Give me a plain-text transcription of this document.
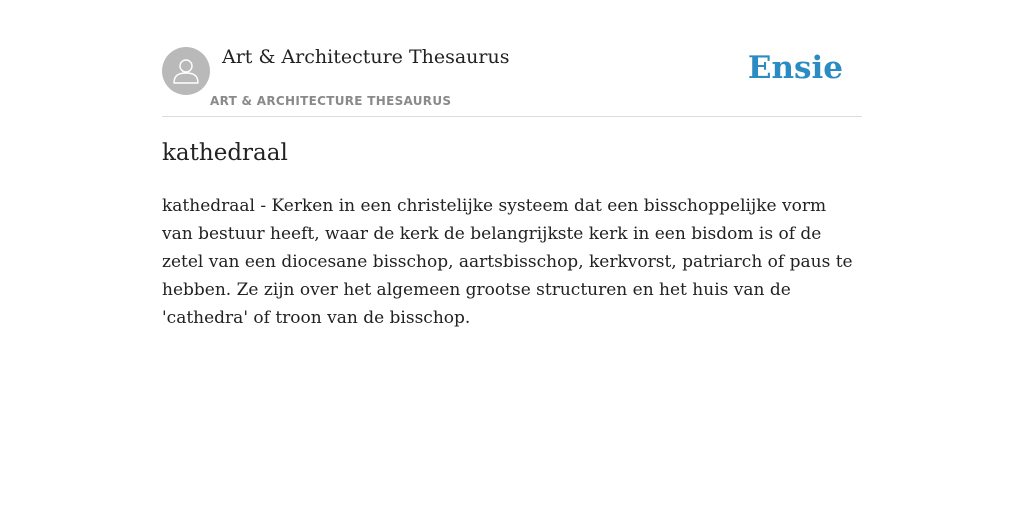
Art & Architecture Thesaurus
ART & ARCHITECTURE THESAURUS
Ensie
kathedraal

kathedraal - Kerken in een christelijke systeem dat een bisschoppelijke vorm van bestuur heeft, waar de kerk de belangrijkste kerk in een bisdom is of de zetel van een diocesane bisschop, aartsbisschop, kerkvorst, patriarch of paus te hebben. Ze zijn over het algemeen grootse structuren en het huis van de 'cathedra' of troon van de bisschop.
